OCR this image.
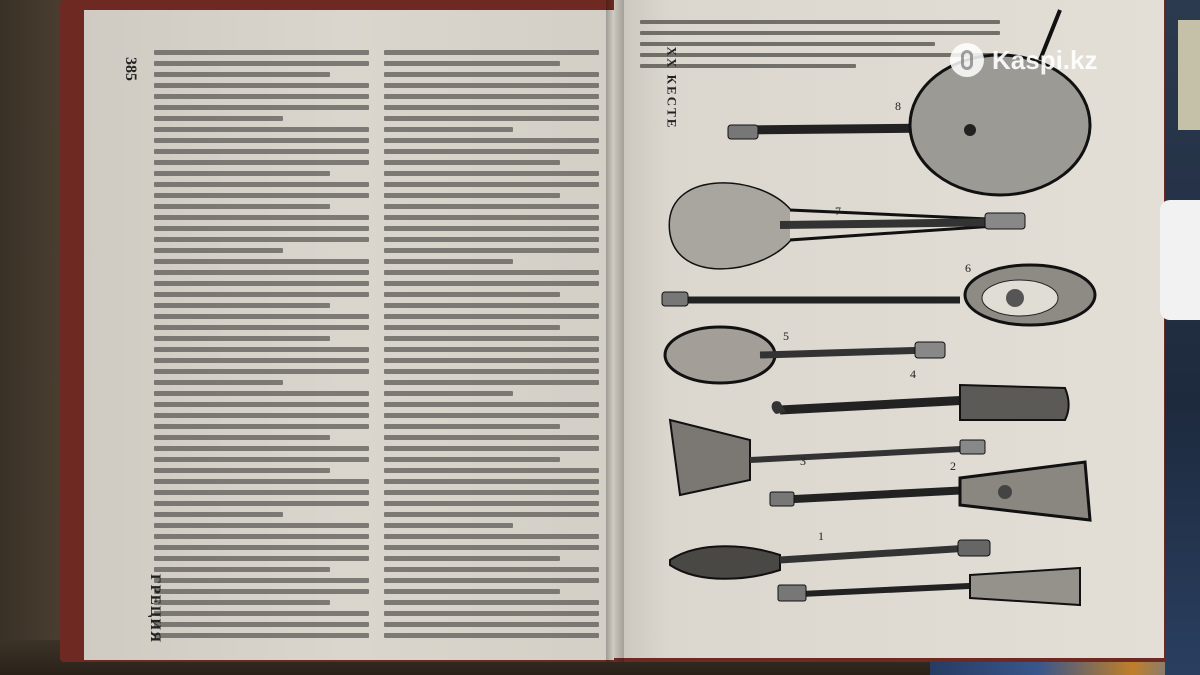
385
ГРЕЦИЯ
XX КЕСТЕ	8
7
6
5
4
3	2
1
Kaspi.kz
